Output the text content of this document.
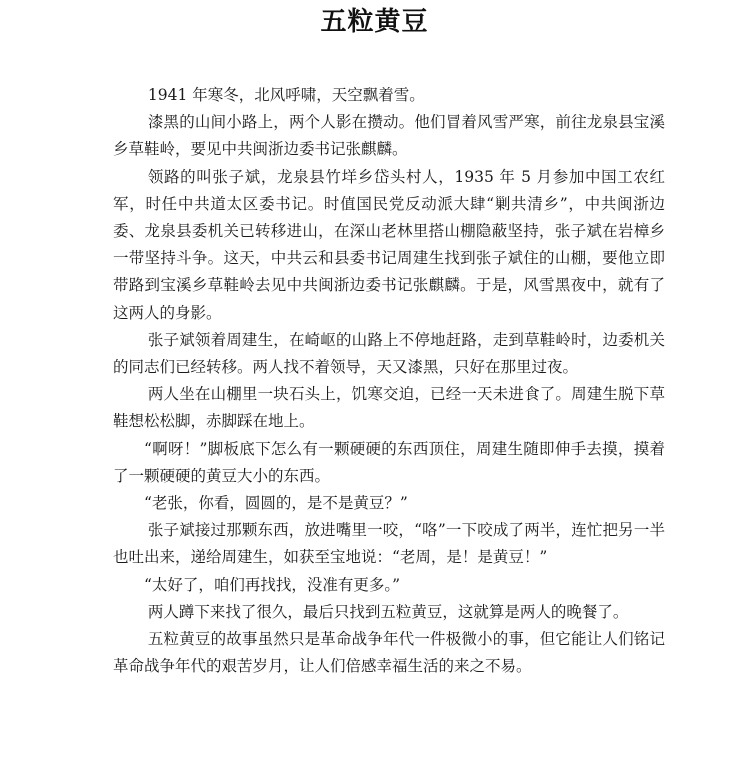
五粒黄豆

1941 年寒冬，北风呼啸，天空飘着雪。

漆黑的山间小路上，两个人影在攒动。他们冒着风雪严寒，前往龙泉县宝溪乡草鞋岭，要见中共闽浙边委书记张麒麟。

领路的叫张子斌，龙泉县竹垟乡岱头村人，1935 年 5 月参加中国工农红军，时任中共道太区委书记。时值国民党反动派大肆“剿共清乡”，中共闽浙边委、龙泉县委机关已转移进山，在深山老林里搭山棚隐蔽坚持，张子斌在岩樟乡一带坚持斗争。这天，中共云和县委书记周建生找到张子斌住的山棚，要他立即带路到宝溪乡草鞋岭去见中共闽浙边委书记张麒麟。于是，风雪黑夜中，就有了这两人的身影。

张子斌领着周建生，在崎岖的山路上不停地赶路，走到草鞋岭时，边委机关的同志们已经转移。两人找不着领导，天又漆黑，只好在那里过夜。

两人坐在山棚里一块石头上，饥寒交迫，已经一天未进食了。周建生脱下草鞋想松松脚，赤脚踩在地上。

“啊呀！”脚板底下怎么有一颗硬硬的东西顶住，周建生随即伸手去摸，摸着了一颗硬硬的黄豆大小的东西。

“老张，你看，圆圆的，是不是黄豆？”

张子斌接过那颗东西，放进嘴里一咬，“咯”一下咬成了两半，连忙把另一半也吐出来，递给周建生，如获至宝地说：“老周，是！是黄豆！”

“太好了，咱们再找找，没准有更多。”

两人蹲下来找了很久，最后只找到五粒黄豆，这就算是两人的晚餐了。

五粒黄豆的故事虽然只是革命战争年代一件极微小的事，但它能让人们铭记革命战争年代的艰苦岁月，让人们倍感幸福生活的来之不易。
